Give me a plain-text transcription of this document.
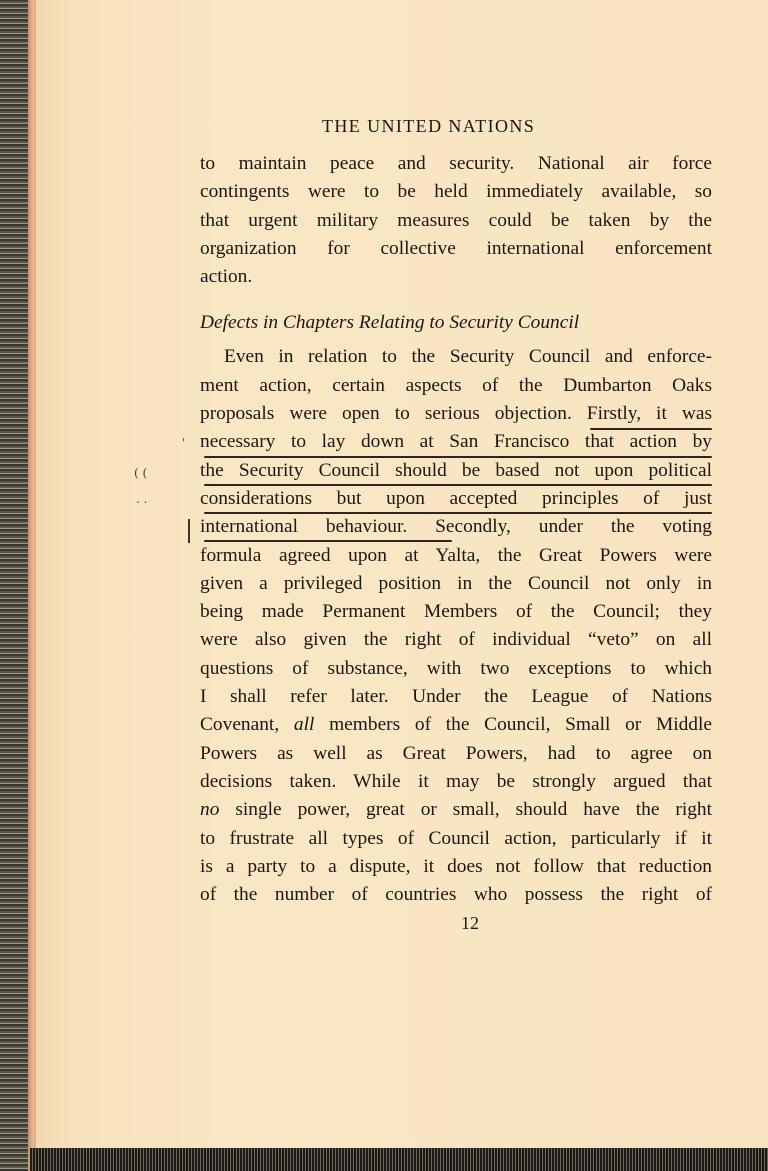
THE UNITED NATIONS
to maintain peace and security. National air force
contingents were to be held immediately available, so
that urgent military measures could be taken by the
organization for collective international enforcement
action.
Defects in Chapters Relating to Security Council
Even in relation to the Security Council and enforce-
ment action, certain aspects of the Dumbarton Oaks
proposals were open to serious objection. Firstly, it was
necessary to lay down at San Francisco that action by
the Security Council should be based not upon political
considerations but upon accepted principles of just
international behaviour. Secondly, under the voting
formula agreed upon at Yalta, the Great Powers were
given a privileged position in the Council not only in
being made Permanent Members of the Council; they
were also given the right of individual “veto” on all
questions of substance, with two exceptions to which
I shall refer later. Under the League of Nations
Covenant, all members of the Council, Small or Middle
Powers as well as Great Powers, had to agree on
decisions taken. While it may be strongly argued that
no single power, great or small, should have the right
to frustrate all types of Council action, particularly if it
is a party to a dispute, it does not follow that reduction
of the number of countries who possess the right of
'
( (
. .
12
